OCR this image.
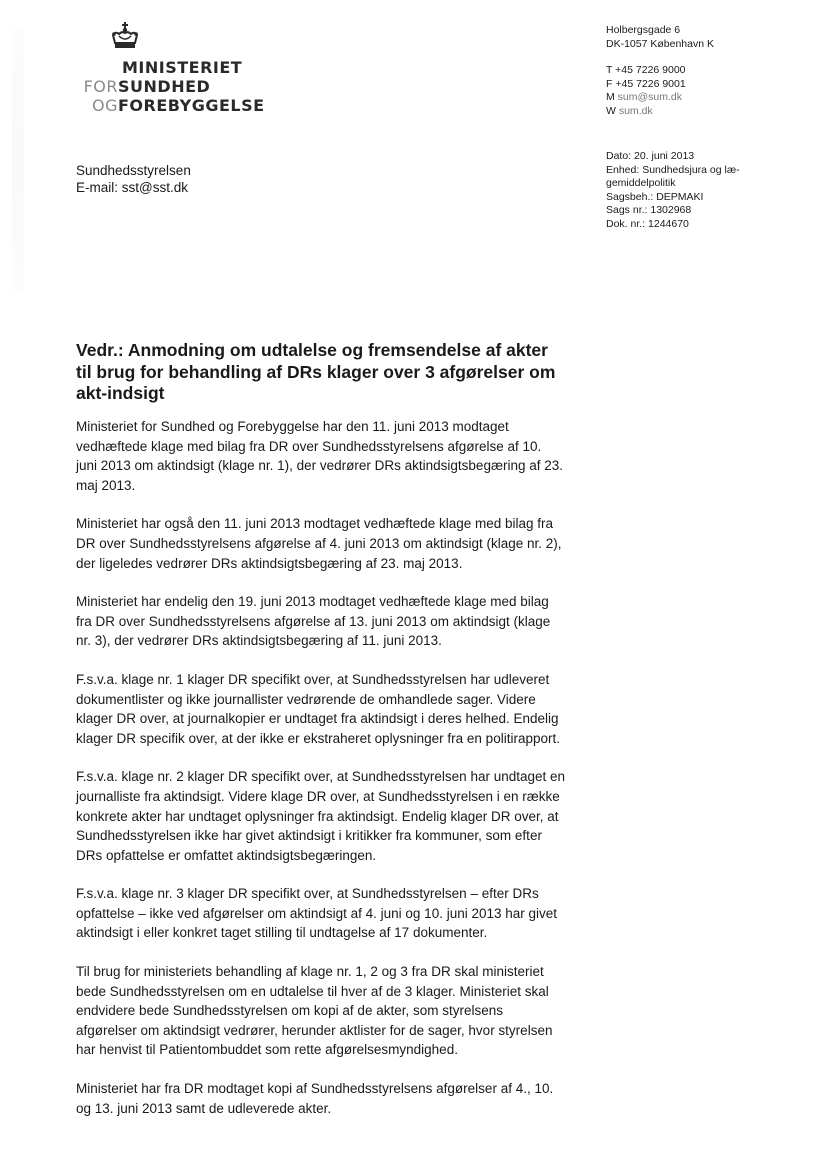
MINISTERIET
FORSUNDHED
OGFOREBYGGELSE
Holbergsgade 6
DK-1057 København K
T +45 7226 9000
F +45 7226 9001
M sum@sum.dk
W sum.dk
Dato: 20. juni 2013
Enhed: Sundhedsjura og læ-gemiddelpolitik
Sagsbeh.: DEPMAKI
Sags nr.: 1302968
Dok. nr.: 1244670
Sundhedsstyrelsen
E-mail: sst@sst.dk
Vedr.: Anmodning om udtalelse og fremsendelse af akter til brug for behandling af DRs klager over 3 afgørelser om akt-indsigt

Ministeriet for Sundhed og Forebyggelse har den 11. juni 2013 modtaget vedhæftede klage med bilag fra DR over Sundhedsstyrelsens afgørelse af 10. juni 2013 om aktindsigt (klage nr. 1), der vedrører DRs aktindsigtsbegæring af 23. maj 2013.

Ministeriet har også den 11. juni 2013 modtaget vedhæftede klage med bilag fra DR over Sundhedsstyrelsens afgørelse af 4. juni 2013 om aktindsigt (klage nr. 2), der ligeledes vedrører DRs aktindsigtsbegæring af 23. maj 2013.

Ministeriet har endelig den 19. juni 2013 modtaget vedhæftede klage med bilag fra DR over Sundhedsstyrelsens afgørelse af 13. juni 2013 om aktindsigt (klage nr. 3), der vedrører DRs aktindsigtsbegæring af 11. juni 2013.

F.s.v.a. klage nr. 1 klager DR specifikt over, at Sundhedsstyrelsen har udleveret dokumentlister og ikke journallister vedrørende de omhandlede sager. Videre klager DR over, at journalkopier er undtaget fra aktindsigt i deres helhed. Endelig klager DR specifik over, at der ikke er ekstraheret oplysninger fra en politirapport.

F.s.v.a. klage nr. 2 klager DR specifikt over, at Sundhedsstyrelsen har undtaget en journalliste fra aktindsigt. Videre klage DR over, at Sundhedsstyrelsen i en række konkrete akter har undtaget oplysninger fra aktindsigt. Endelig klager DR over, at Sundhedsstyrelsen ikke har givet aktindsigt i kritikker fra kommuner, som efter DRs opfattelse er omfattet aktindsigtsbegæringen.

F.s.v.a. klage nr. 3 klager DR specifikt over, at Sundhedsstyrelsen – efter DRs opfattelse – ikke ved afgørelser om aktindsigt af 4. juni og 10. juni 2013 har givet aktindsigt i eller konkret taget stilling til undtagelse af 17 dokumenter.

Til brug for ministeriets behandling af klage nr. 1, 2 og 3 fra DR skal ministeriet bede Sundhedsstyrelsen om en udtalelse til hver af de 3 klager. Ministeriet skal endvidere bede Sundhedsstyrelsen om kopi af de akter, som styrelsens afgørelser om aktindsigt vedrører, herunder aktlister for de sager, hvor styrelsen har henvist til Patientombuddet som rette afgørelsesmyndighed.

Ministeriet har fra DR modtaget kopi af Sundhedsstyrelsens afgørelser af 4., 10. og 13. juni 2013 samt de udleverede akter.
